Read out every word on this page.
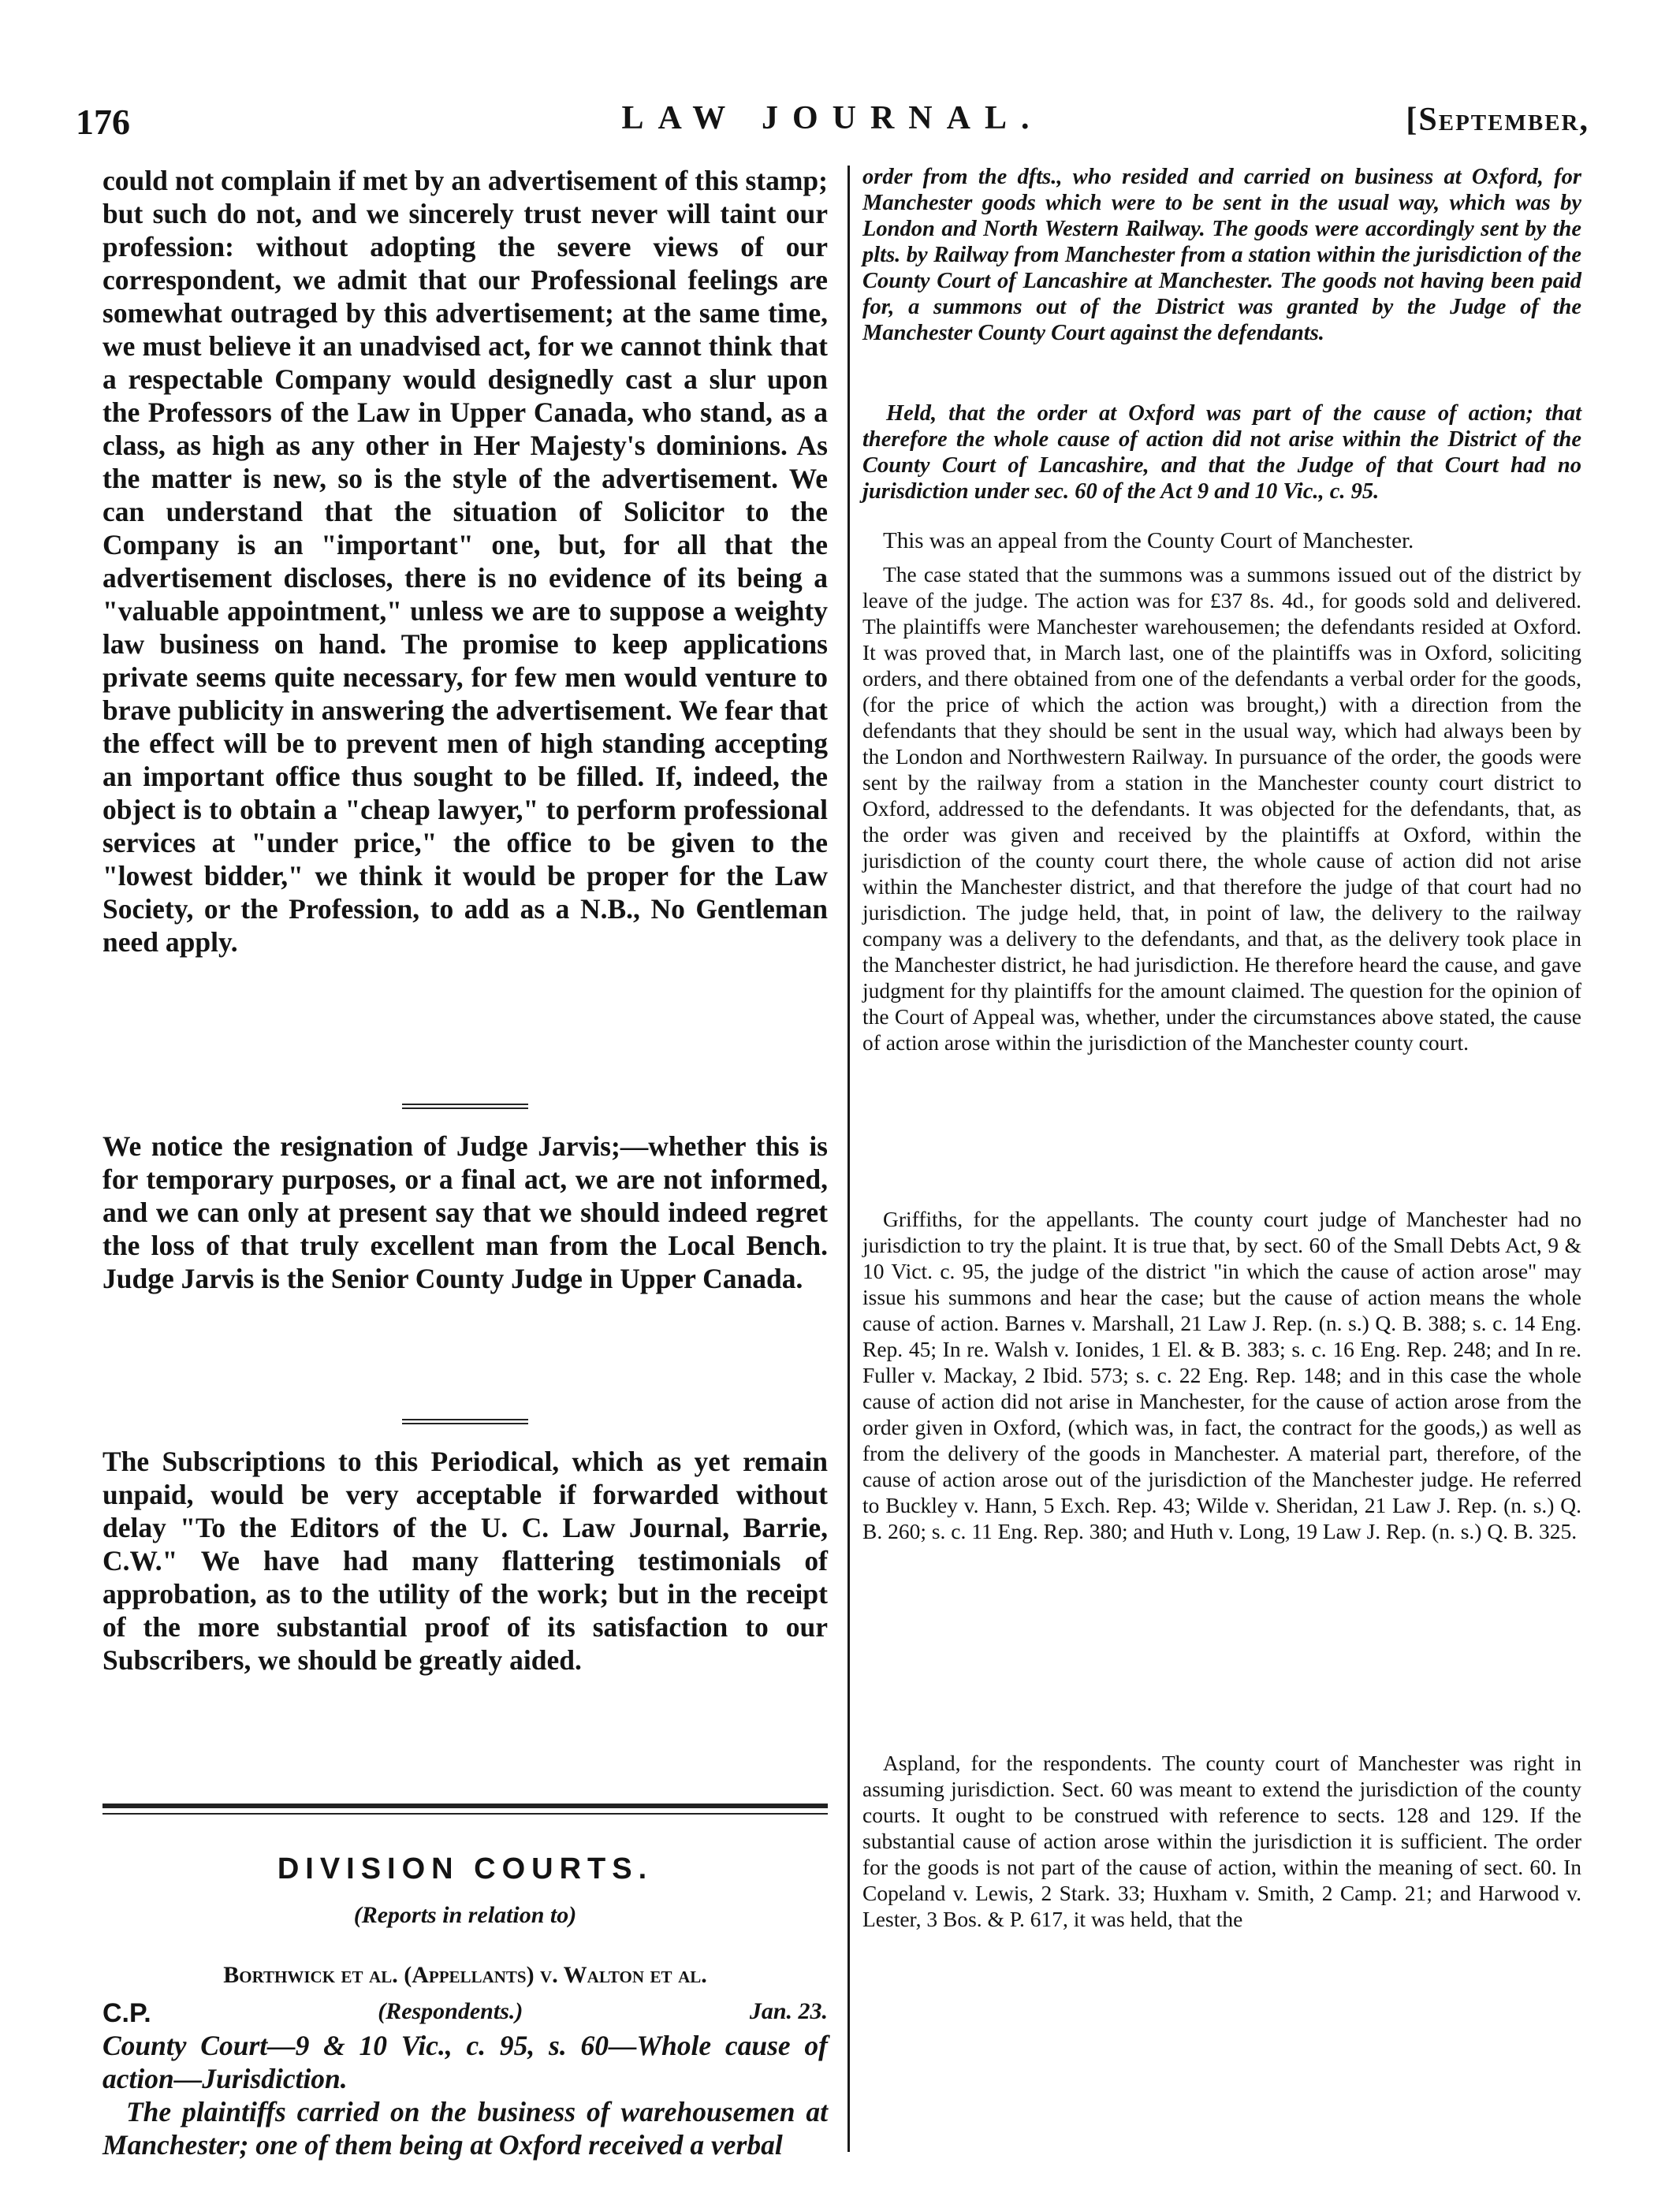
176	LAW JOURNAL.	[September,

could not complain if met by an advertisement of this stamp; but such do not, and we sincerely trust never will taint our profession: without adopting the severe views of our correspondent, we admit that our Professional feelings are somewhat outraged by this advertisement; at the same time, we must believe it an unadvised act, for we cannot think that a respectable Company would designedly cast a slur upon the Professors of the Law in Upper Canada, who stand, as a class, as high as any other in Her Majesty's dominions. As the matter is new, so is the style of the advertisement. We can understand that the situation of Solicitor to the Company is an "important" one, but, for all that the advertisement discloses, there is no evidence of its being a "valuable appointment," unless we are to suppose a weighty law business on hand. The promise to keep applications private seems quite necessary, for few men would venture to brave publicity in answering the advertisement. We fear that the effect will be to prevent men of high standing accepting an important office thus sought to be filled. If, indeed, the object is to obtain a "cheap lawyer," to perform professional services at "under price," the office to be given to the "lowest bidder," we think it would be proper for the Law Society, or the Profession, to add as a N.B., No Gentleman need apply.

We notice the resignation of Judge Jarvis;—whether this is for temporary purposes, or a final act, we are not informed, and we can only at present say that we should indeed regret the loss of that truly excellent man from the Local Bench. Judge Jarvis is the Senior County Judge in Upper Canada.

The Subscriptions to this Periodical, which as yet remain unpaid, would be very acceptable if forwarded without delay "To the Editors of the U. C. Law Journal, Barrie, C.W." We have had many flattering testimonials of approbation, as to the utility of the work; but in the receipt of the more substantial proof of its satisfaction to our Subscribers, we should be greatly aided.

DIVISION COURTS.
(Reports in relation to)
Borthwick et al. (Appellants) v. Walton et al.
C.P.	(Respondents.)	Jan. 23.

County Court—9 & 10 Vic., c. 95, s. 60—Whole cause of action—Jurisdiction.

The plaintiffs carried on the business of warehousemen at Manchester; one of them being at Oxford received a verbal

order from the dfts., who resided and carried on business at Oxford, for Manchester goods which were to be sent in the usual way, which was by London and North Western Railway. The goods were accordingly sent by the plts. by Railway from Manchester from a station within the jurisdiction of the County Court of Lancashire at Manchester. The goods not having been paid for, a summons out of the District was granted by the Judge of the Manchester County Court against the defendants.

Held, that the order at Oxford was part of the cause of action; that therefore the whole cause of action did not arise within the District of the County Court of Lancashire, and that the Judge of that Court had no jurisdiction under sec. 60 of the Act 9 and 10 Vic., c. 95.

This was an appeal from the County Court of Manchester.

The case stated that the summons was a summons issued out of the district by leave of the judge. The action was for £37 8s. 4d., for goods sold and delivered. The plaintiffs were Manchester warehousemen; the defendants resided at Oxford. It was proved that, in March last, one of the plaintiffs was in Oxford, soliciting orders, and there obtained from one of the defendants a verbal order for the goods, (for the price of which the action was brought,) with a direction from the defendants that they should be sent in the usual way, which had always been by the London and Northwestern Railway. In pursuance of the order, the goods were sent by the railway from a station in the Manchester county court district to Oxford, addressed to the defendants. It was objected for the defendants, that, as the order was given and received by the plaintiffs at Oxford, within the jurisdiction of the county court there, the whole cause of action did not arise within the Manchester district, and that therefore the judge of that court had no jurisdiction. The judge held, that, in point of law, the delivery to the railway company was a delivery to the defendants, and that, as the delivery took place in the Manchester district, he had jurisdiction. He therefore heard the cause, and gave judgment for thy plaintiffs for the amount claimed. The question for the opinion of the Court of Appeal was, whether, under the circumstances above stated, the cause of action arose within the jurisdiction of the Manchester county court.

Griffiths, for the appellants. The county court judge of Manchester had no jurisdiction to try the plaint. It is true that, by sect. 60 of the Small Debts Act, 9 & 10 Vict. c. 95, the judge of the district "in which the cause of action arose" may issue his summons and hear the case; but the cause of action means the whole cause of action. Barnes v. Marshall, 21 Law J. Rep. (n. s.) Q. B. 388; s. c. 14 Eng. Rep. 45; In re. Walsh v. Ionides, 1 El. & B. 383; s. c. 16 Eng. Rep. 248; and In re. Fuller v. Mackay, 2 Ibid. 573; s. c. 22 Eng. Rep. 148; and in this case the whole cause of action did not arise in Manchester, for the cause of action arose from the order given in Oxford, (which was, in fact, the contract for the goods,) as well as from the delivery of the goods in Manchester. A material part, therefore, of the cause of action arose out of the jurisdiction of the Manchester judge. He referred to Buckley v. Hann, 5 Exch. Rep. 43; Wilde v. Sheridan, 21 Law J. Rep. (n. s.) Q. B. 260; s. c. 11 Eng. Rep. 380; and Huth v. Long, 19 Law J. Rep. (n. s.) Q. B. 325.

Aspland, for the respondents. The county court of Manchester was right in assuming jurisdiction. Sect. 60 was meant to extend the jurisdiction of the county courts. It ought to be construed with reference to sects. 128 and 129. If the substantial cause of action arose within the jurisdiction it is sufficient. The order for the goods is not part of the cause of action, within the meaning of sect. 60. In Copeland v. Lewis, 2 Stark. 33; Huxham v. Smith, 2 Camp. 21; and Harwood v. Lester, 3 Bos. & P. 617, it was held, that the
